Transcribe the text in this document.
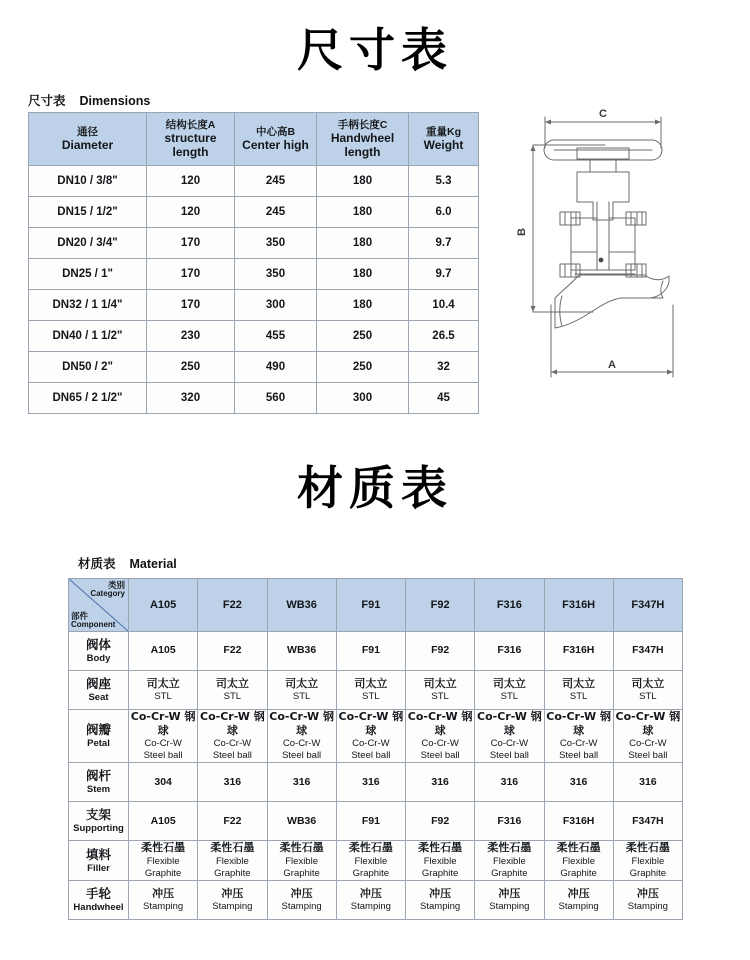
尺寸表
尺寸表 Dimensions
通径
Diameter	结构长度A
structure length	中心高B
Center high	手柄长度C
Handwheel length	重量Kg
Weight

DN10 / 3/8"	120	245	180	5.3
DN15 / 1/2"	120	245	180	6.0
DN20 / 3/4"	170	350	180	9.7
DN25 / 1"	170	350	180	9.7
DN32 / 1 1/4"	170	300	180	10.4
DN40 / 1 1/2"	230	455	250	26.5
DN50 / 2"	250	490	250	32
DN65 / 2 1/2"	320	560	300	45
C
B
A
材质表
材质表 Material
类别
Category
部件
Component	A105	F22	WB36	F91	F92	F316	F316H	F347H

阀体
Body	A105	F22	WB36	F91	F92	F316	F316H	F347H

阀座
Seat	司太立
STL	司太立
STL	司太立
STL	司太立
STL	司太立
STL	司太立
STL	司太立
STL	司太立
STL

阀瓣
Petal	Co-Cr-W 钢球
Co-Cr-W
Steel ball	Co-Cr-W 钢球
Co-Cr-W
Steel ball	Co-Cr-W 钢球
Co-Cr-W
Steel ball	Co-Cr-W 钢球
Co-Cr-W
Steel ball	Co-Cr-W 钢球
Co-Cr-W
Steel ball	Co-Cr-W 钢球
Co-Cr-W
Steel ball	Co-Cr-W 钢球
Co-Cr-W
Steel ball	Co-Cr-W 钢球
Co-Cr-W
Steel ball

阀杆
Stem	304	316	316	316	316	316	316	316

支架
Supporting	A105	F22	WB36	F91	F92	F316	F316H	F347H

填料
Filler	柔性石墨
Flexible
Graphite	柔性石墨
Flexible
Graphite	柔性石墨
Flexible
Graphite	柔性石墨
Flexible
Graphite	柔性石墨
Flexible
Graphite	柔性石墨
Flexible
Graphite	柔性石墨
Flexible
Graphite	柔性石墨
Flexible
Graphite

手轮
Handwheel	冲压
Stamping	冲压
Stamping	冲压
Stamping	冲压
Stamping	冲压
Stamping	冲压
Stamping	冲压
Stamping	冲压
Stamping
